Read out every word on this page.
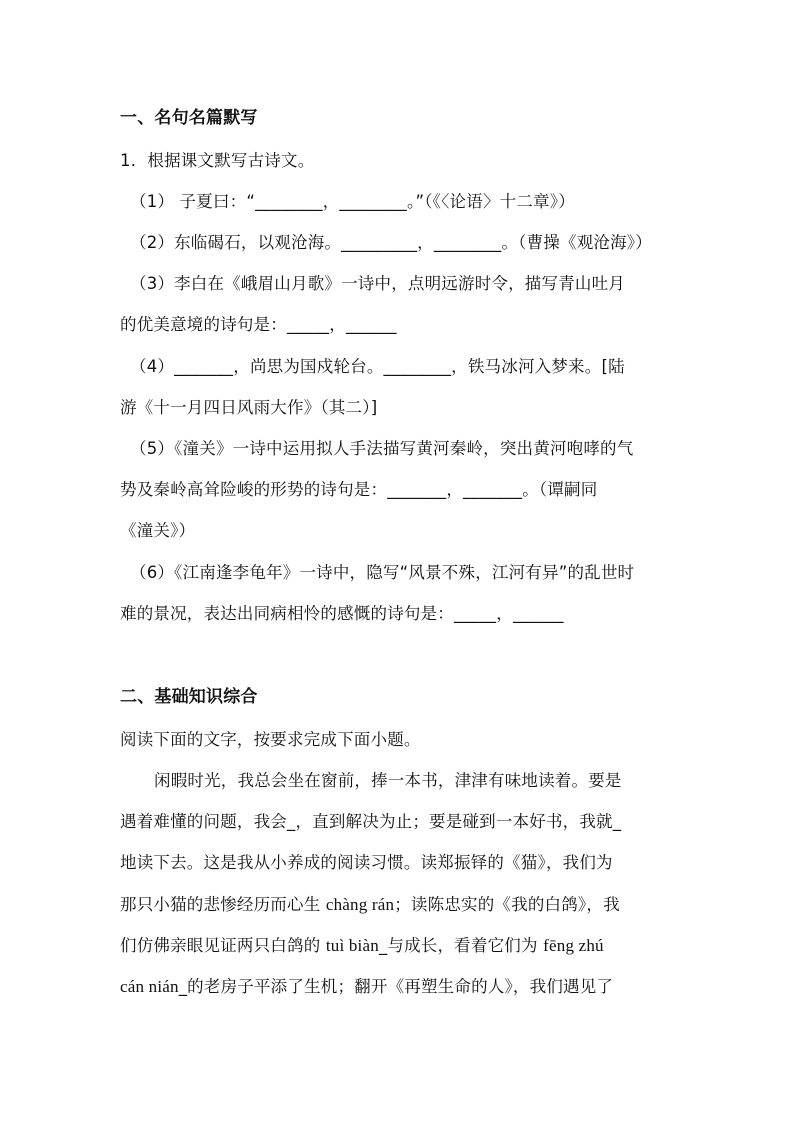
一、名句名篇默写
1．根据课文默写古诗文。
（1） 子夏曰：“________，________。”（《〈论语〉十二章》）
（2）东临碣石，以观沧海。_________，________。（曹操《观沧海》）
（3）李白在《峨眉山月歌》一诗中，点明远游时令，描写青山吐月
的优美意境的诗句是：_____，______
（4）_______，尚思为国戍轮台。________，铁马冰河入梦来。[陆
游《十一月四日风雨大作》（其二）]
（5）《潼关》一诗中运用拟人手法描写黄河秦岭，突出黄河咆哮的气
势及秦岭高耸险峻的形势的诗句是：_______，_______。（谭嗣同
《潼关》）
（6）《江南逢李龟年》一诗中，隐写“风景不殊，江河有异”的乱世时
难的景况，表达出同病相怜的感慨的诗句是：_____，______
二、基础知识综合
阅读下面的文字，按要求完成下面小题。
闲暇时光，我总会坐在窗前，捧一本书，津津有味地读着。要是
遇着难懂的问题，我会_，直到解决为止；要是碰到一本好书，我就_
地读下去。这是我从小养成的阅读习惯。读郑振铎的《猫》，我们为
那只小猫的悲惨经历而心生 chàng rán；读陈忠实的《我的白鸽》，我
们仿佛亲眼见证两只白鸽的 tuì biàn_与成长，看着它们为 fēng zhú
cán nián_的老房子平添了生机；翻开《再塑生命的人》，我们遇见了
